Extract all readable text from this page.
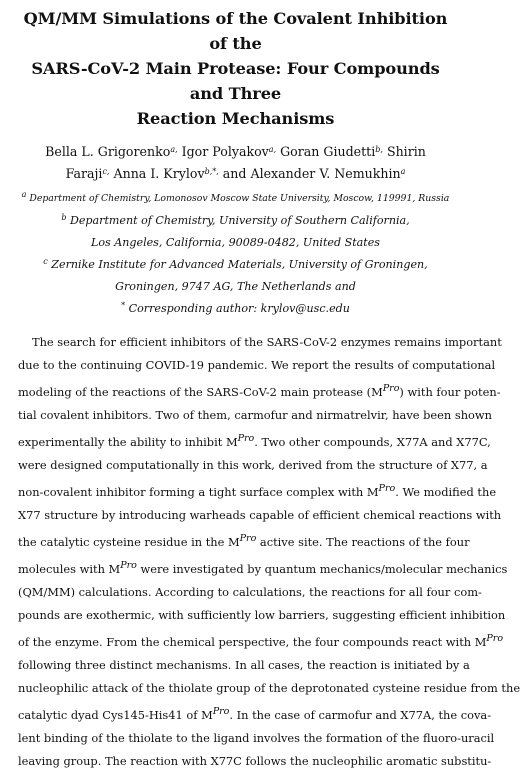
QM/MM Simulations of the Covalent Inhibition of the
SARS-CoV-2 Main Protease: Four Compounds and Three
Reaction Mechanisms
Bella L. Grigorenko$^{a,}$ Igor Polyakov$^{a,}$ Goran Giudetti$^{b,}$ Shirin
Faraji$^{c,}$ Anna I. Krylov$^{b,*,}$ and Alexander V. Nemukhin$^a$
$^a$ Department of Chemistry, Lomonosov Moscow State University, Moscow, 119991, Russia
$^b$ Department of Chemistry, University of Southern California,
Los Angeles, California, 90089-0482, United States
$^c$ Zernike Institute for Advanced Materials, University of Groningen,
Groningen, 9747 AG, The Netherlands and
* Corresponding author: krylov@usc.edu
The search for efficient inhibitors of the SARS-CoV-2 enzymes remains important
due to the continuing COVID-19 pandemic. We report the results of computational
modeling of the reactions of the SARS-CoV-2 main protease $(M^{Pro})$ with four poten-
tial covalent inhibitors. Two of them, carmofur and nirmatrelvir, have been shown
experimentally the ability to inhibit $M^{Pro}$. Two other compounds, X77A and X77C,
were designed computationally in this work, derived from the structure of X77, a
non-covalent inhibitor forming a tight surface complex with $M^{Pro}$. We modified the
X77 structure by introducing warheads capable of efficient chemical reactions with
the catalytic cysteine residue in the $M^{Pro}$ active site. The reactions of the four
molecules with $M^{Pro}$ were investigated by quantum mechanics/molecular mechanics
(QM/MM) calculations. According to calculations, the reactions for all four com-
pounds are exothermic, with sufficiently low barriers, suggesting efficient inhibition
of the enzyme. From the chemical perspective, the four compounds react with $M^{Pro}$
following three distinct mechanisms. In all cases, the reaction is initiated by a
nucleophilic attack of the thiolate group of the deprotonated cysteine residue from the
catalytic dyad Cys145-His41 of $M^{Pro}$. In the case of carmofur and X77A, the cova-
lent binding of the thiolate to the ligand involves the formation of the fluoro-uracil
leaving group. The reaction with X77C follows the nucleophilic aromatic substitu-
